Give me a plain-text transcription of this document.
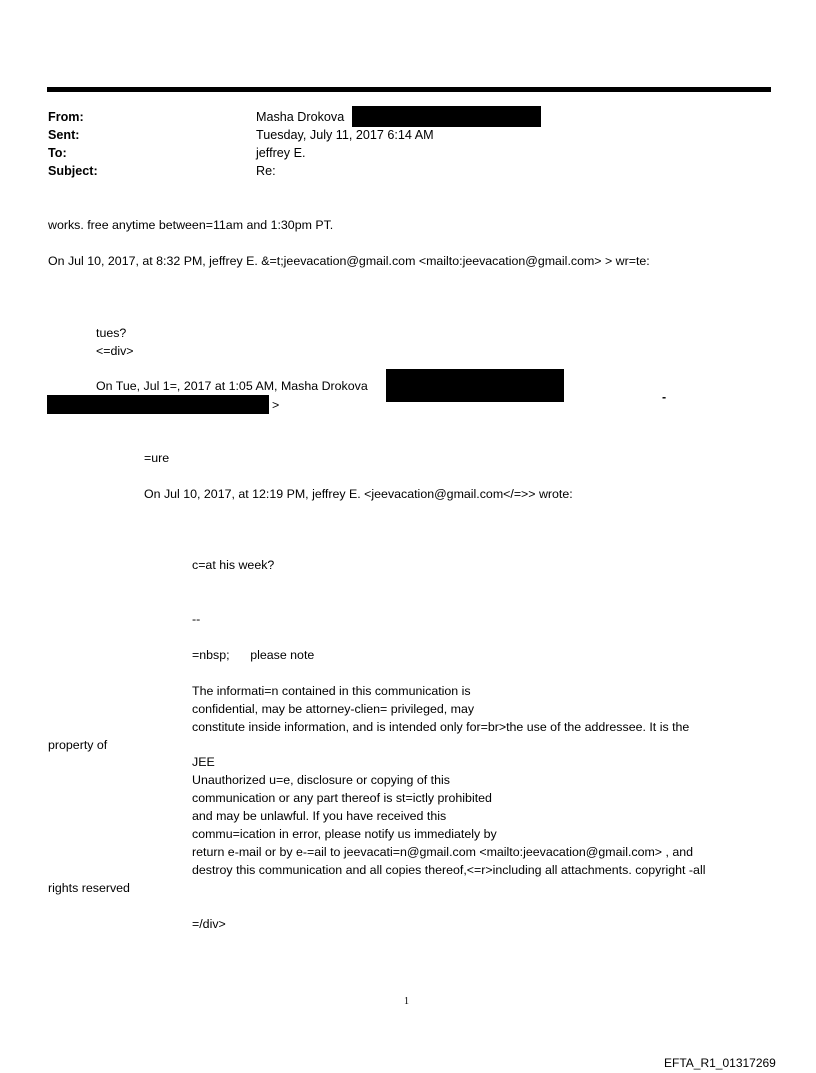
From:	Masha Drokova
Sent:	Tuesday, July 11, 2017 6:14 AM
To:	jeffrey E.
Subject:	Re:
works. free anytime between=11am and 1:30pm PT.
On Jul 10, 2017, at 8:32 PM, jeffrey E. &=t;jeevacation@gmail.com <mailto:jeevacation@gmail.com> > wr=te:
tues?
<=div>
On Tue, Jul 1=, 2017 at 1:05 AM, Masha Drokova
>
-
=ure
On Jul 10, 2017, at 12:19 PM, jeffrey E. <jeevacation@gmail.com</=>> wrote:
c=at his week?
--
=nbsp;      please note
The informati=n contained in this communication is
confidential, may be attorney-clien= privileged, may
constitute inside information, and is intended only for=br>the use of the addressee. It is the
property of
JEE
Unauthorized u=e, disclosure or copying of this
communication or any part thereof is st=ictly prohibited
and may be unlawful. If you have received this
commu=ication in error, please notify us immediately by
return e-mail or by e-=ail to jeevacati=n@gmail.com <mailto:jeevacation@gmail.com> , and
destroy this communication and all copies thereof,<=r>including all attachments. copyright -all
rights reserved
=/div>
1
EFTA_R1_01317269
